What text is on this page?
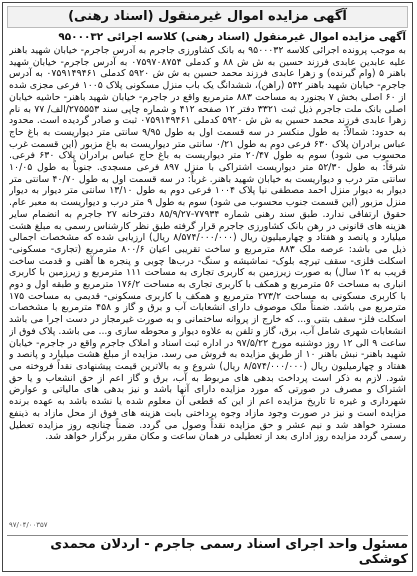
آگهی مزایده اموال غیرمنقول (اسناد رهنی)
آگهی مزایده اموال غیرمنقول (اسناد رهنی) کلاسه اجرائی ۹۵۰۰۰۳۲
به موجب پرونده اجرائی کلاسه ۹۵۰۰۰۳۲ به بانک کشاورزی جاجرم به آدرس جاجرم- خیابان شهید باهنر علیه عابدین عابدی فرزند حسین به ش ش ۸۸ و کدملی ۰۷۵۹۷۰۸۷۵۴ به آدرس جاجرم- خیابان شهید باهنر ۵ (وام گیرنده) و زهرا عابدی فرزند محمد حسین به ش ش ۵۹۲۰ کدملی ۰۷۵۹۱۴۹۴۶۱ به آدرس جاجرم- خیابان شهید باهنر ۵۴۲ (راهن)، ششدانگ یک باب منزل مسکونی پلاک ۱۰۰۵ فرعی مجزی شده از ۶۰ اصلی بخش ۷ بجنورد به مساحت ۸۸۳ مترمربع واقع در جاجرم- خیابان شهید باهنر- حاشیه خیابان اصلی بانک ملت جاجرم ذیل ثبت ۳۳۲۱ دفتر ۱۲ صفحه ۴۱۲ و شماره چاپی سند ۲۷۵۵۵۳/الف/ ۷۷ به نام زهرا عابدی فرزند محمد حسین به ش ش ۵۹۲۰ کدملی ۰۷۵۹۱۴۹۴۶۱ ثبت و صادر گردیده است. محدود به حدود: شمالاً: به طول منکسر در سه قسمت اول به طول ۹/۹۵ سانتی متر دیواریست به باغ حاج عباس برادران پلاک ۶۳۰ فرعی دوم به طول ۰/۲۱ سانتی متر دیواریست به باغ مزبور (این قسمت غرب محسوب می شود) سوم به طول ۲۰/۴۷ متر دیواریست به باغ حاج عباس برادران پلاک ۶۳۰ فرعی. شرقاً: به طول ۵۲/۳۰ متر دیواریست اشتراکی با منزل ۸۹۷ فرعی مسجدی. جنوباً به طول ۱۰/۰۵ سانتی متر درب و دیواریست به خیابان شهید باهنر. غرباً: در سه قسمت اول به طول ۴۰/۷۰ سانتی متر دیوار به دیوار منزل احمد مصطفی نیا پلاک ۱۰۰۴ فرعی دوم به طول ۱۳/۱۰ سانتی متر دیوار به دیوار منزل مزبور (این قسمت جنوب محسوب می شود) سوم به طول ۹ متر درب و دیواریست به معبر عام. حقوق ارتفاقی ندارد. طبق سند رهنی شماره ۷۷۹۳۴-۸۵/۹/۲۷ دفترخانه ۲۷ جاجرم به انضمام سایر هزینه های قانونی در رهن بانک کشاورزی جاجرم قرار گرفته طبق نظر کارشناس رسمی به مبلغ هشت میلیارد و پانصد و هفتاد و چهارمیلیون ریال (۸/۵۷۴/۰۰۰/۰۰۰ ریال) ارزیابی شده که مشخصات اجمالی ذیل می باشد: عرصه ملک ۸۸۳ مترمربع و ساخت تقریبی اعیان ۸۰۰/۶ مترمربع (تجاری- مسکونی- اسکلت فلزی- سقف تیرچه بلوک- نماشیشه و سنگ- درب‌ها چوبی و پنجره ها آهنی و قدمت ساخت قریب به ۱۲ سال) به صورت زیرزمین به کاربری تجاری به مساحت ۱۱۱ مترمربع و زیرزمین با کاربری انباری به مساحت ۵۶ مترمربع و همکف با کاربری تجاری به مساحت ۱۷۶/۲ مترمربع و طبقه اول و دوم با کاربری مسکونی به مساحت ۲۷۳/۲ مترمربع و همکف با کاربری مسکونی- قدیمی به مساحت ۱۷۵ مترمربع می باشد. ضمناً ملک موصوف دارای انشعابات آب و برق و گاز و ۴۵۸ مترمربع با مشخصات اسکلت فلز- سقف بتنی و... که خارج از پروانه ساختمانی و به صورت غیرمجاز در دست اجرا می باشد انشعابات شهری شامل آب، برق، گاز و تلفن به علاوه دیوار و محوطه سازی و... می باشد. پلاک فوق از ساعت ۹ الی ۱۲ روز دوشنبه مورخ ۹۷/۵/۲۲ در اداره ثبت اسناد و املاک جاجرم واقع در جاجرم- خیابان شهید باهنر- نبش باهنر ۱۰ از طریق مزایده به فروش می رسد. مزایده از مبلغ هشت میلیارد و پانصد و هفتاد و چهارمیلیون ریال (۸/۵۷۴/۰۰۰/۰۰۰ ریال) شروع و به بالاترین قیمت پیشنهادی نقداً فروخته می شود. لازم به ذکر است پرداخت بدهی های مربوط به آب، برق و گاز اعم از حق انشعاب و یا حق اشتراک و مصرف در صورتی که مورد مزایده دارای آنها باشد و نیز بدهی های مالیاتی و عوارض شهرداری و غیره تا تاریخ مزایده اعم از این که قطعی آن معلوم شده یا نشده باشد به عهده برنده مزایده است و نیز در صورت وجود مازاد وجوه پرداختی بابت هزینه های فوق از محل مازاد به ذینفع مسترد خواهد شد و نیم عشر و حق مزایده نقداً وصول می گردد. ضمناً چنانچه روز مزایده تعطیل رسمی گردد مزایده روز اداری بعد از تعطیلی در همان ساعت و مکان مقرر برگزار خواهد شد.
۹۷/۰۴/۰۰۳۵۷
مسئول واحد اجرای اسناد رسمی جاجرم - اردلان محمدی کوشکی
